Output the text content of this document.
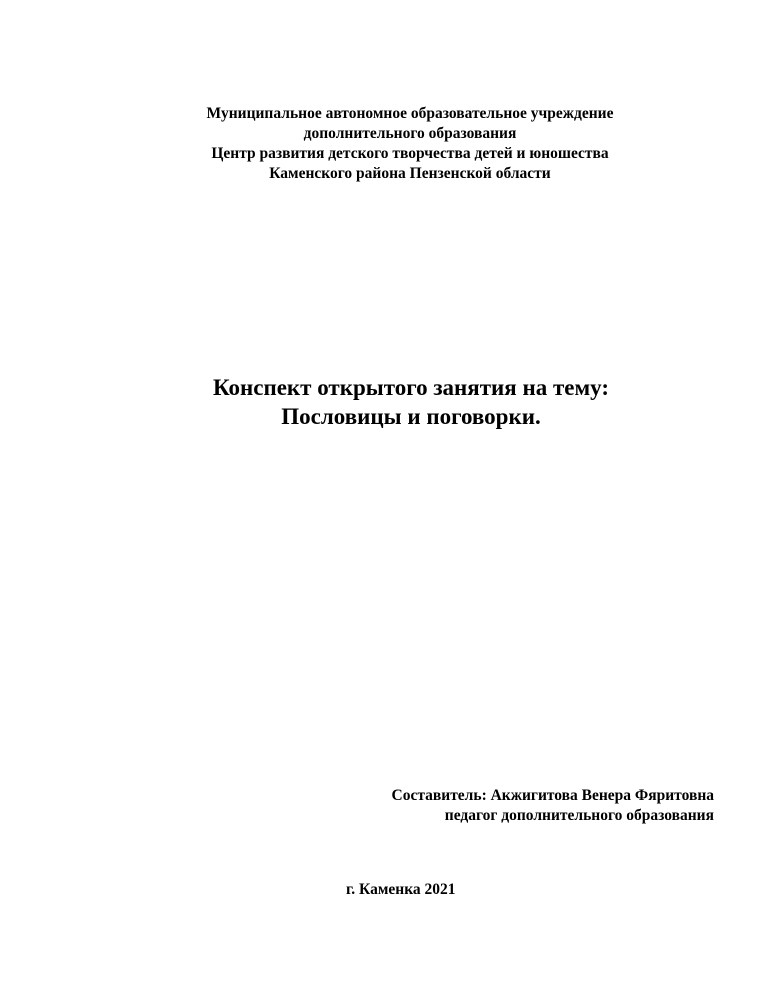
Муниципальное автономное образовательное учреждение
дополнительного образования
Центр развития детского творчества детей и юношества
Каменского района Пензенской области
Конспект открытого занятия на тему:
Пословицы и поговорки.
Составитель: Акжигитова Венера Фяритовна
педагог дополнительного образования
г. Каменка 2021
